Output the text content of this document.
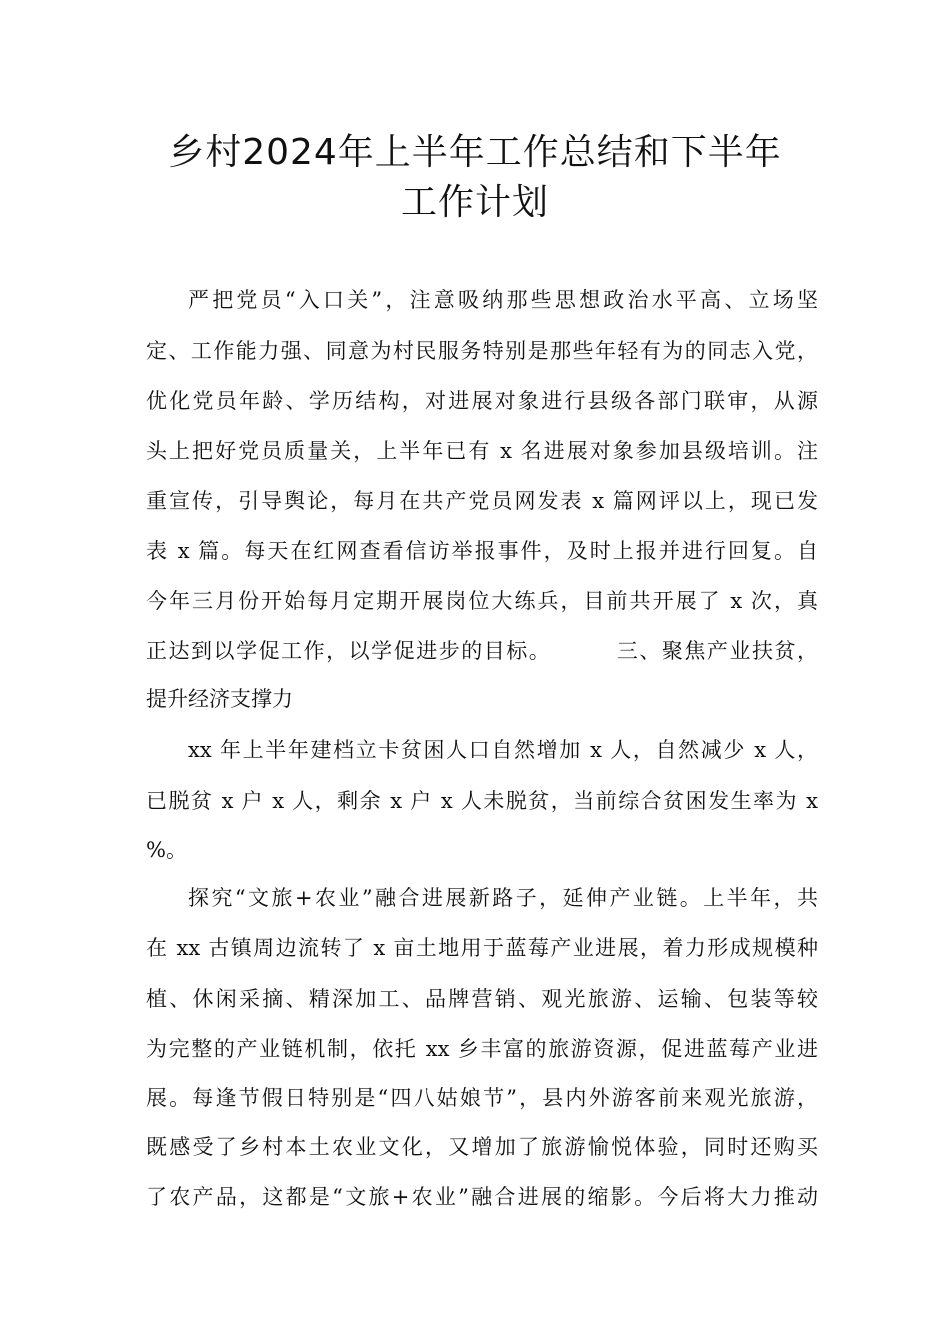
乡村2024年上半年工作总结和下半年
工作计划
严把党员“入口关”，注意吸纳那些思想政治水平高、立场坚
定、工作能力强、同意为村民服务特别是那些年轻有为的同志入党，
优化党员年龄、学历结构，对进展对象进行县级各部门联审，从源
头上把好党员质量关，上半年已有 x 名进展对象参加县级培训。注
重宣传，引导舆论，每月在共产党员网发表 x 篇网评以上，现已发
表 x 篇。每天在红网查看信访举报事件，及时上报并进行回复。自
今年三月份开始每月定期开展岗位大练兵，目前共开展了 x 次，真
正达到以学促工作，以学促进步的目标。        三、聚焦产业扶贫，
提升经济支撑力
xx 年上半年建档立卡贫困人口自然增加 x 人，自然减少 x 人，
已脱贫 x 户 x 人，剩余 x 户 x 人未脱贫，当前综合贫困发生率为 x
%。
探究“文旅+农业”融合进展新路子，延伸产业链。上半年，共
在 xx 古镇周边流转了 x 亩土地用于蓝莓产业进展，着力形成规模种
植、休闲采摘、精深加工、品牌营销、观光旅游、运输、包装等较
为完整的产业链机制，依托 xx 乡丰富的旅游资源，促进蓝莓产业进
展。每逢节假日特别是“四八姑娘节”，县内外游客前来观光旅游，
既感受了乡村本土农业文化，又增加了旅游愉悦体验，同时还购买
了农产品，这都是“文旅+农业”融合进展的缩影。今后将大力推动
